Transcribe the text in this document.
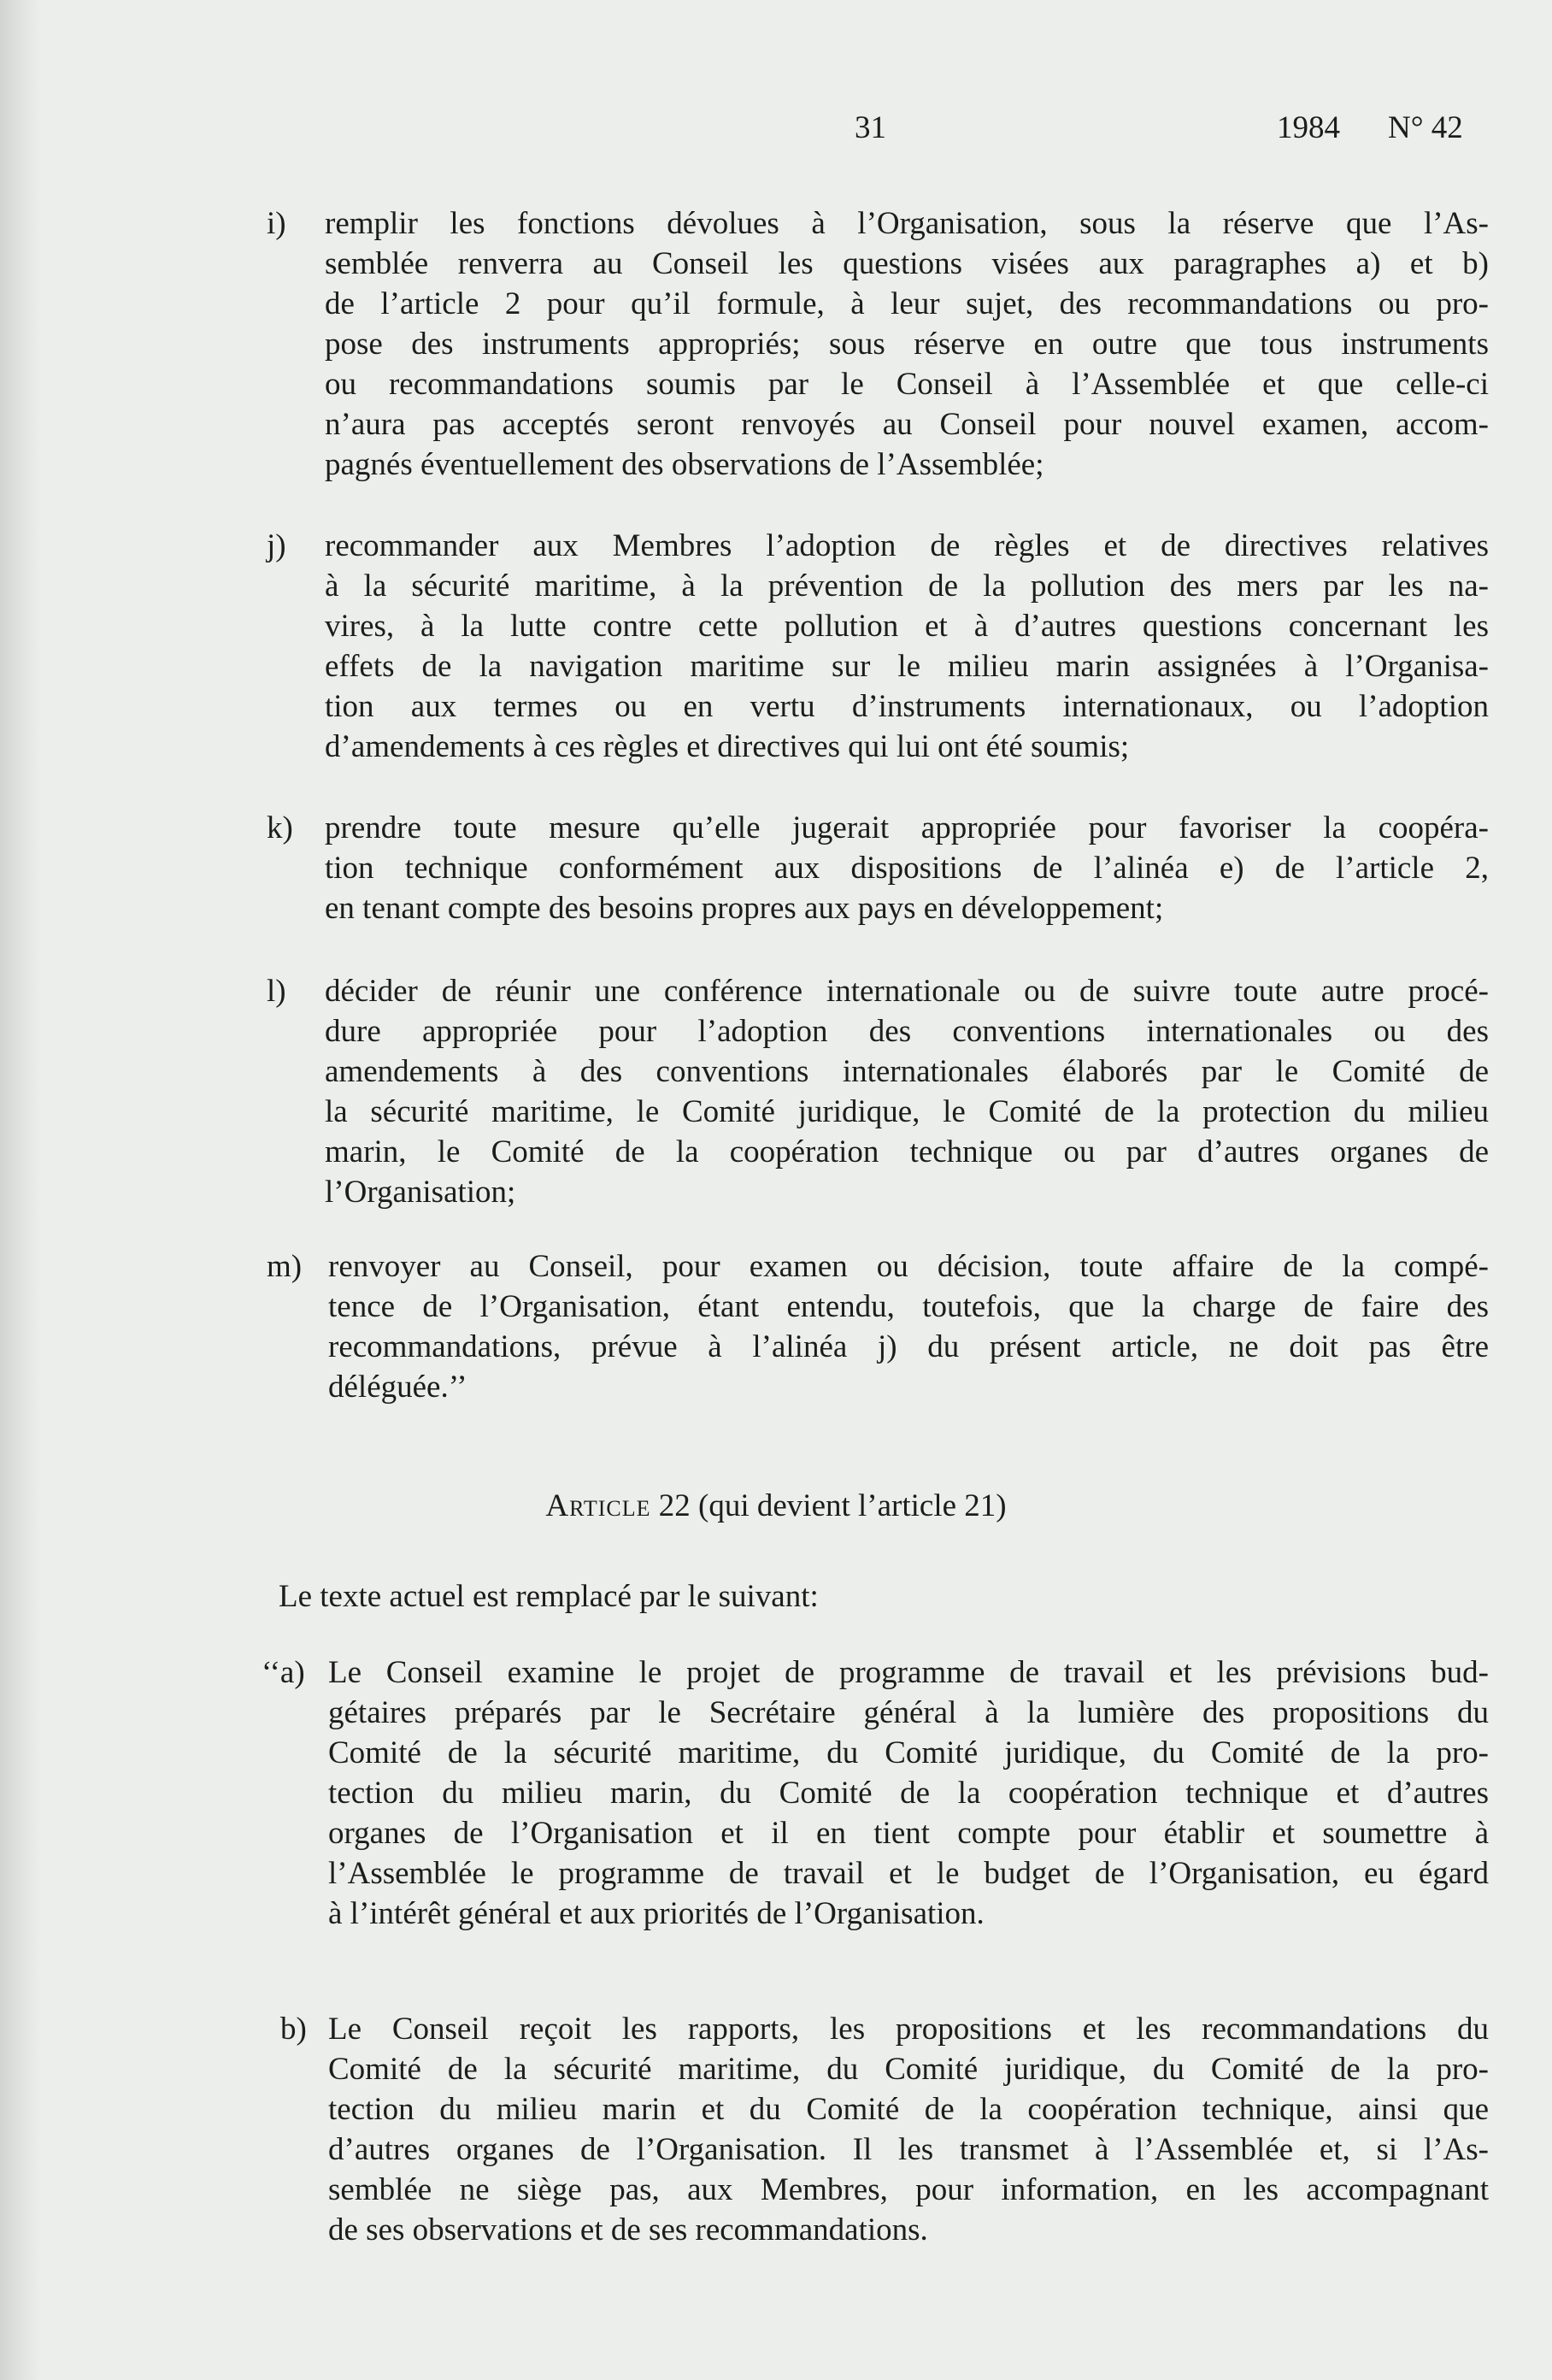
31	1984 N° 42
i) remplir les fonctions dévolues à l’Organisation, sous la réserve que l’As-
semblée renverra au Conseil les questions visées aux paragraphes a) et b)
de l’article 2 pour qu’il formule, à leur sujet, des recommandations ou pro-
pose des instruments appropriés; sous réserve en outre que tous instruments
ou recommandations soumis par le Conseil à l’Assemblée et que celle-ci
n’aura pas acceptés seront renvoyés au Conseil pour nouvel examen, accom-
pagnés éventuellement des observations de l’Assemblée;
j) recommander aux Membres l’adoption de règles et de directives relatives
à la sécurité maritime, à la prévention de la pollution des mers par les na-
vires, à la lutte contre cette pollution et à d’autres questions concernant les
effets de la navigation maritime sur le milieu marin assignées à l’Organisa-
tion aux termes ou en vertu d’instruments internationaux, ou l’adoption
d’amendements à ces règles et directives qui lui ont été soumis;
k) prendre toute mesure qu’elle jugerait appropriée pour favoriser la coopéra-
tion technique conformément aux dispositions de l’alinéa e) de l’article 2,
en tenant compte des besoins propres aux pays en développement;
l) décider de réunir une conférence internationale ou de suivre toute autre procé-
dure appropriée pour l’adoption des conventions internationales ou des
amendements à des conventions internationales élaborés par le Comité de
la sécurité maritime, le Comité juridique, le Comité de la protection du milieu
marin, le Comité de la coopération technique ou par d’autres organes de
l’Organisation;
m) renvoyer au Conseil, pour examen ou décision, toute affaire de la compé-
tence de l’Organisation, étant entendu, toutefois, que la charge de faire des
recommandations, prévue à l’alinéa j) du présent article, ne doit pas être
déléguée.’’
Article 22 (qui devient l’article 21)
Le texte actuel est remplacé par le suivant:
‘‘a) Le Conseil examine le projet de programme de travail et les prévisions bud-
gétaires préparés par le Secrétaire général à la lumière des propositions du
Comité de la sécurité maritime, du Comité juridique, du Comité de la pro-
tection du milieu marin, du Comité de la coopération technique et d’autres
organes de l’Organisation et il en tient compte pour établir et soumettre à
l’Assemblée le programme de travail et le budget de l’Organisation, eu égard
à l’intérêt général et aux priorités de l’Organisation.
b) Le Conseil reçoit les rapports, les propositions et les recommandations du
Comité de la sécurité maritime, du Comité juridique, du Comité de la pro-
tection du milieu marin et du Comité de la coopération technique, ainsi que
d’autres organes de l’Organisation. Il les transmet à l’Assemblée et, si l’As-
semblée ne siège pas, aux Membres, pour information, en les accompagnant
de ses observations et de ses recommandations.
